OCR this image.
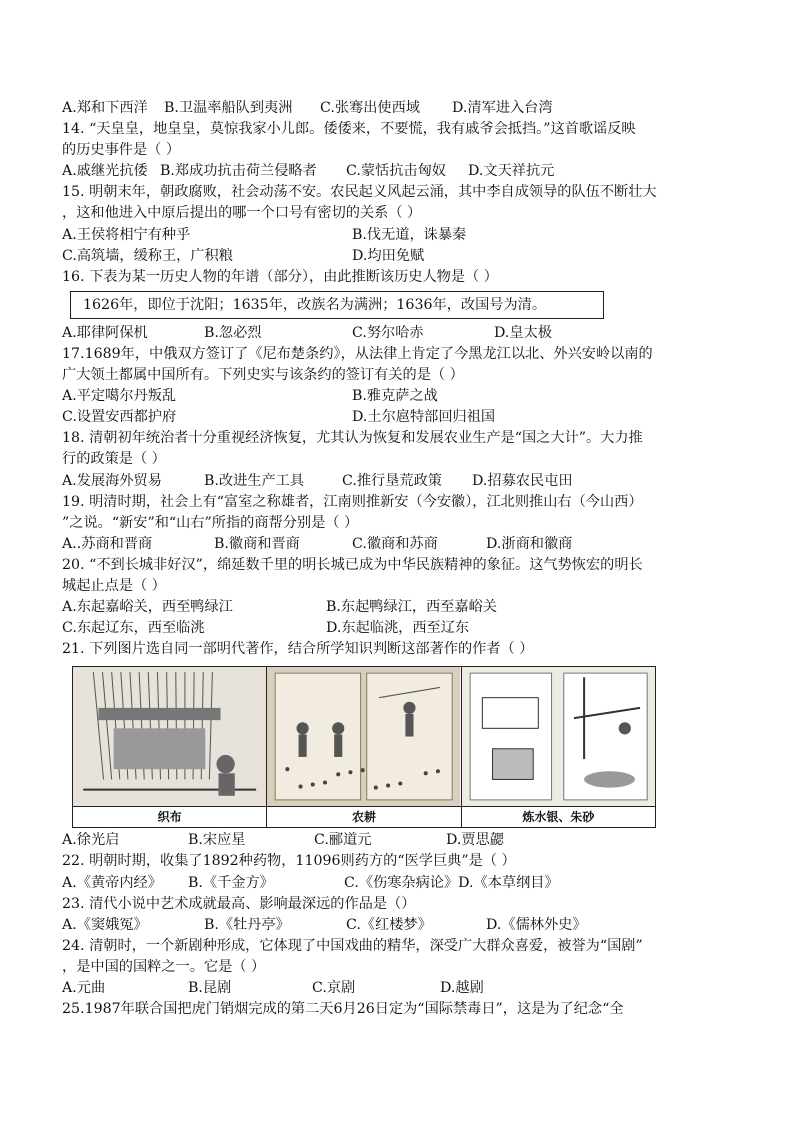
A.郑和下西洋 B.卫温率船队到夷洲 C.张骞出使西域 D.清军进入台湾
14. “天皇皇，地皇皇，莫惊我家小儿郎。倭倭来，不要慌，我有戚爷会抵挡。”这首歌谣反映
的历史事件是（ ）
A.戚继光抗倭 B.郑成功抗击荷兰侵略者 C.蒙恬抗击匈奴 D.文天祥抗元
15. 明朝末年，朝政腐败，社会动荡不安。农民起义风起云涌，其中李自成领导的队伍不断壮大
，这和他进入中原后提出的哪一个口号有密切的关系（ ）
A.王侯将相宁有种乎	B.伐无道，诛暴秦
C.高筑墙，缓称王，广积粮	D.均田免赋
16. 下表为某一历史人物的年谱（部分），由此推断该历史人物是（ ）
1626年，即位于沈阳；1635年，改族名为满洲；1636年，改国号为清。
A.耶律阿保机	B.忽必烈	C.努尔哈赤	D.皇太极
17.1689年，中俄双方签订了《尼布楚条约》，从法律上肯定了今黑龙江以北、外兴安岭以南的
广大领土都属中国所有。下列史实与该条约的签订有关的是（ ）
A.平定噶尔丹叛乱	B.雅克萨之战
C.设置安西都护府	D.土尔扈特部回归祖国
18. 清朝初年统治者十分重视经济恢复，尤其认为恢复和发展农业生产是“国之大计”。大力推
行的政策是（ ）
A.发展海外贸易	B.改进生产工具	C.推行垦荒政策 D.招募农民屯田
19. 明清时期，社会上有“富室之称雄者，江南则推新安（今安徽），江北则推山右（今山西）
”之说。“新安”和“山右”所指的商帮分别是（ ）
A..苏商和晋商	B.徽商和晋商	C.徽商和苏商	D.浙商和徽商
20. “不到长城非好汉”，绵延数千里的明长城已成为中华民族精神的象征。这气势恢宏的明长
城起止点是（ ）
A.东起嘉峪关，西至鸭绿江	B.东起鸭绿江，西至嘉峪关
C.东起辽东，西至临洮	D.东起临洮，西至辽东
21. 下列图片选自同一部明代著作，结合所学知识判断这部著作的作者（ ）
织布	农耕	炼水银、朱砂
A.徐光启	B.宋应星	C.郦道元	D.贾思勰
22. 明朝时期，收集了1892种药物，11096则药方的“医学巨典”是（ ）
A.《黄帝内经》 B.《千金方》	C.《伤寒杂病论》D.《本草纲目》
23. 清代小说中艺术成就最高、影响最深远的作品是（）
A.《窦娥冤》	B.《牡丹亭》	C.《红楼梦》	D.《儒林外史》
24. 清朝时，一个新剧种形成，它体现了中国戏曲的精华，深受广大群众喜爱，被誉为“国剧”
，是中国的国粹之一。它是（ ）
A.元曲	B.昆剧	C.京剧	D.越剧
25.1987年联合国把虎门销烟完成的第二天6月26日定为“国际禁毒日”，这是为了纪念“全
